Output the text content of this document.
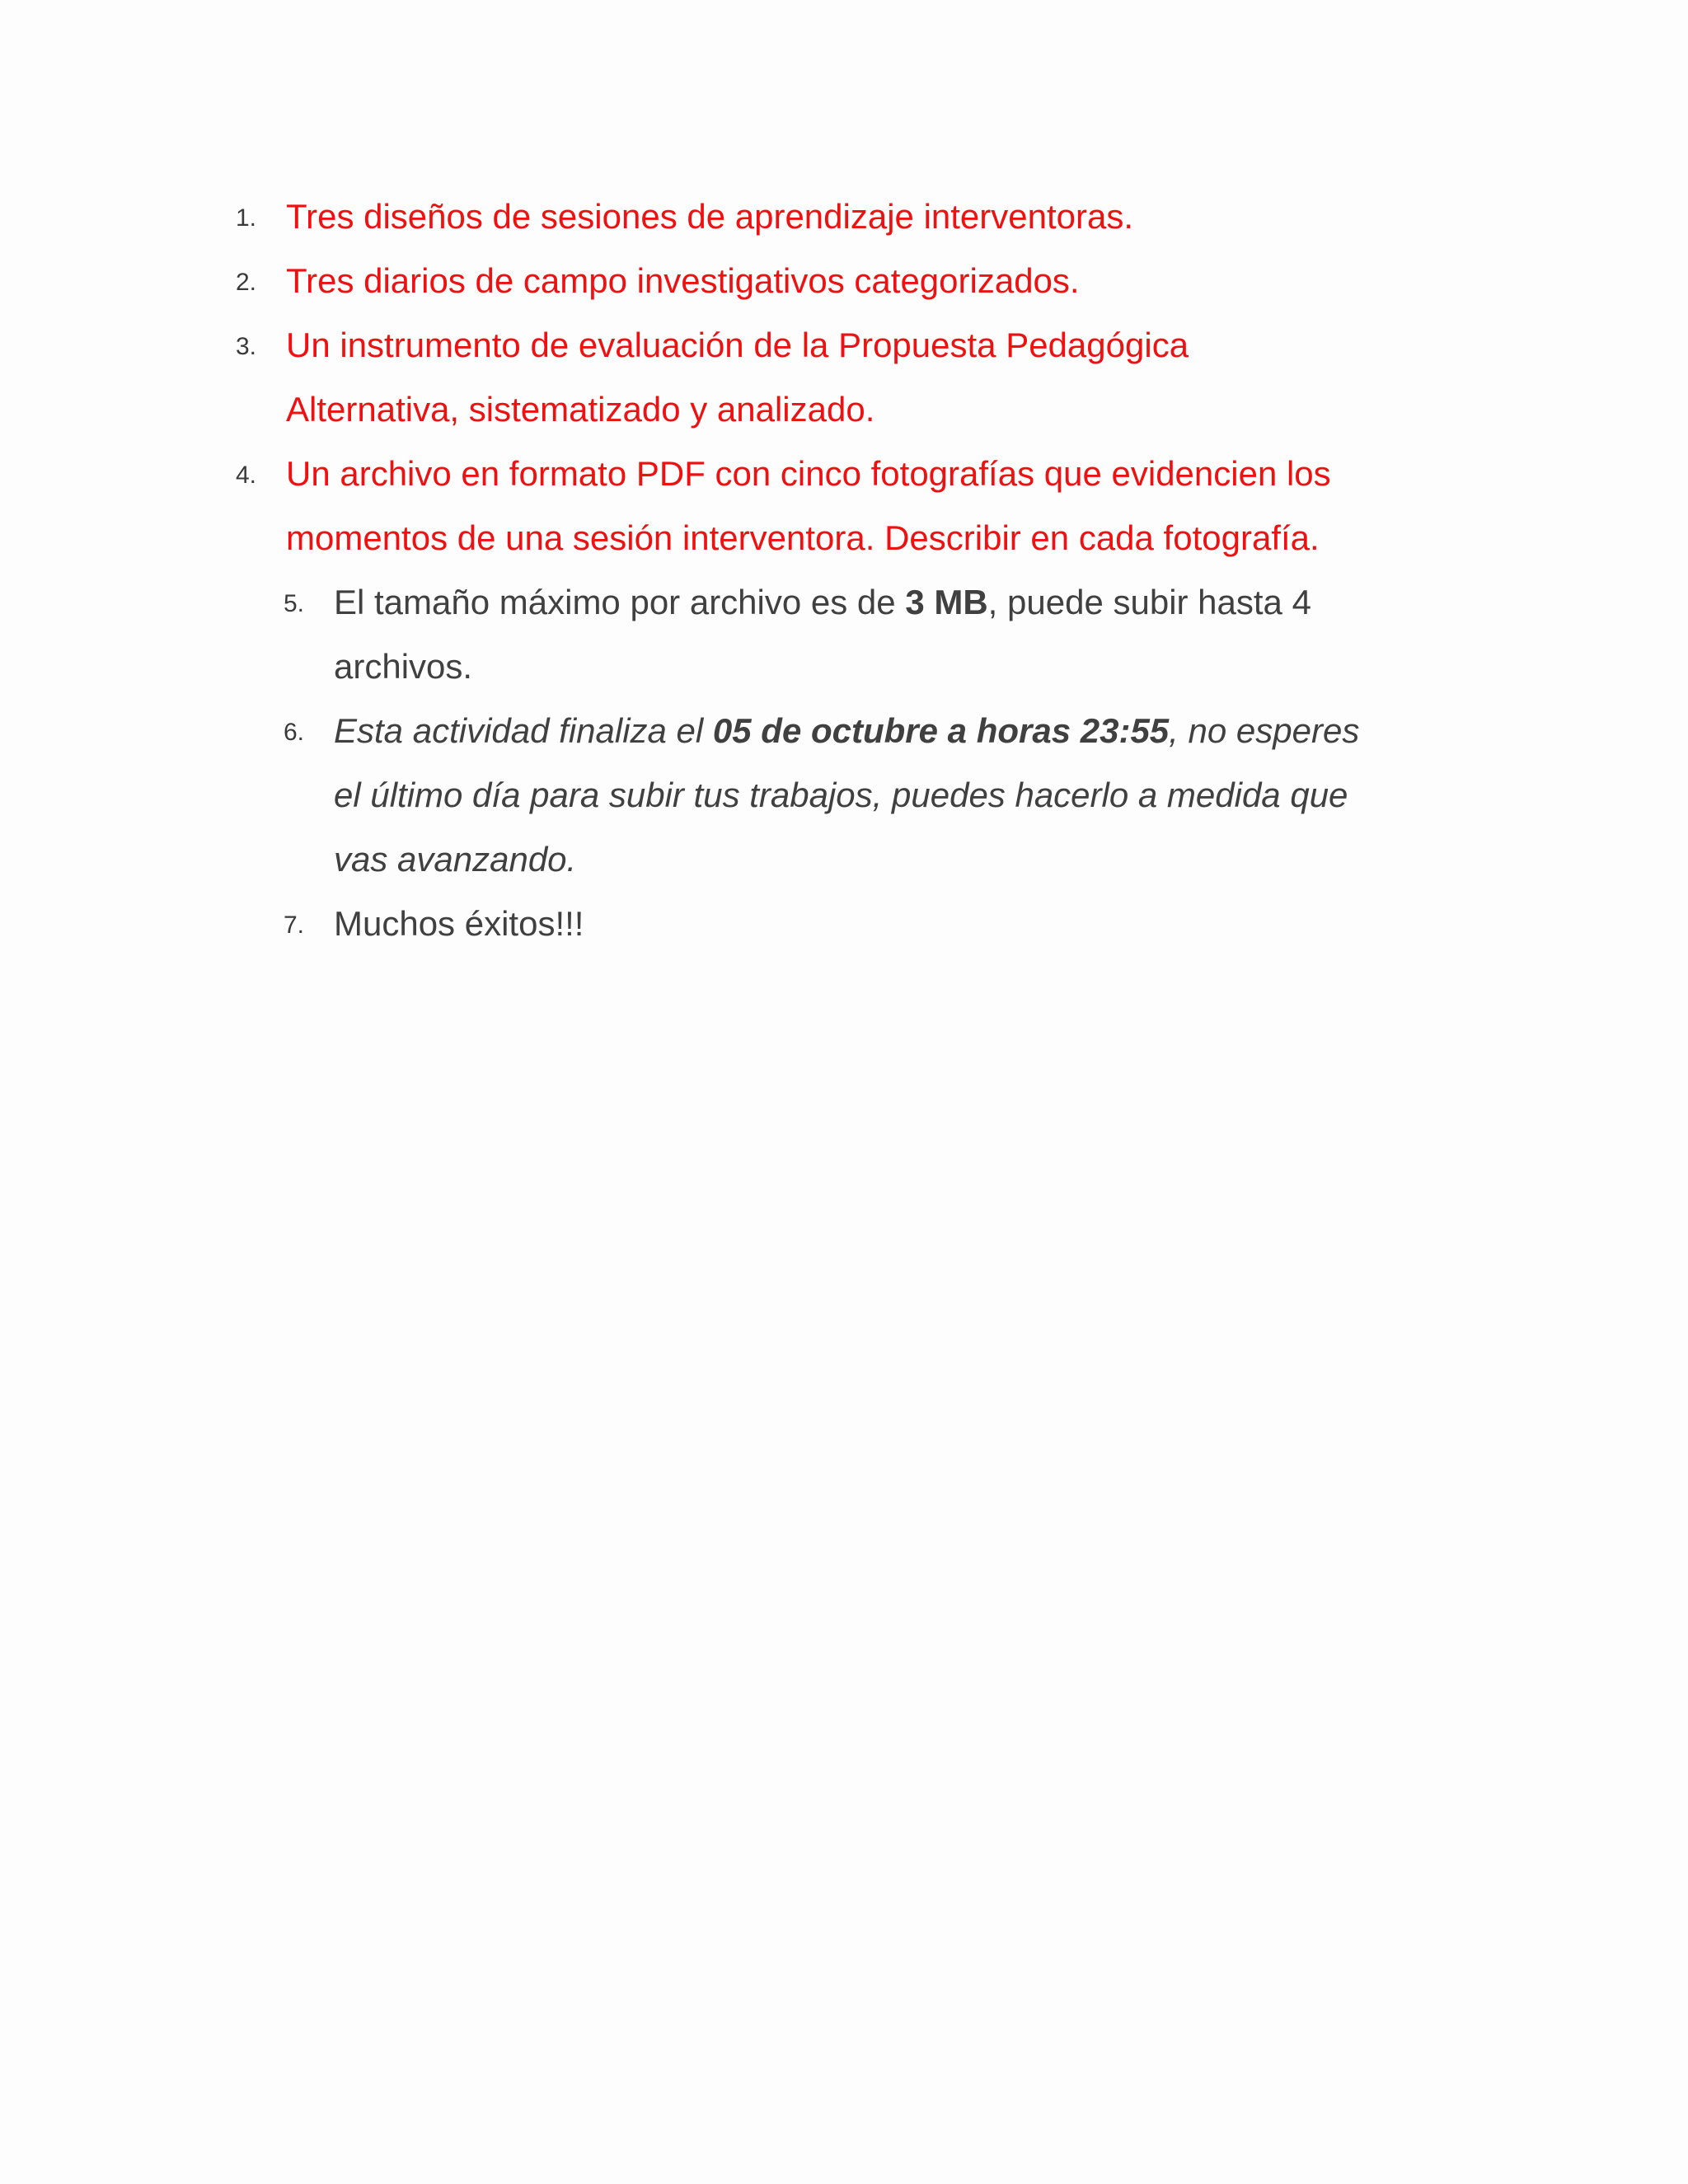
1. Tres diseños de sesiones de aprendizaje interventoras.
2. Tres diarios de campo investigativos categorizados.
3. Un instrumento de evaluación de la Propuesta Pedagógica
Alternativa, sistematizado y analizado.
4. Un archivo en formato PDF con cinco fotografías que evidencien los
momentos de una sesión interventora. Describir en cada fotografía.
5. El tamaño máximo por archivo es de 3 MB, puede subir hasta 4
archivos.
6. Esta actividad finaliza el 05 de octubre a horas 23:55, no esperes
el último día para subir tus trabajos, puedes hacerlo a medida que
vas avanzando.
7. Muchos éxitos!!!
